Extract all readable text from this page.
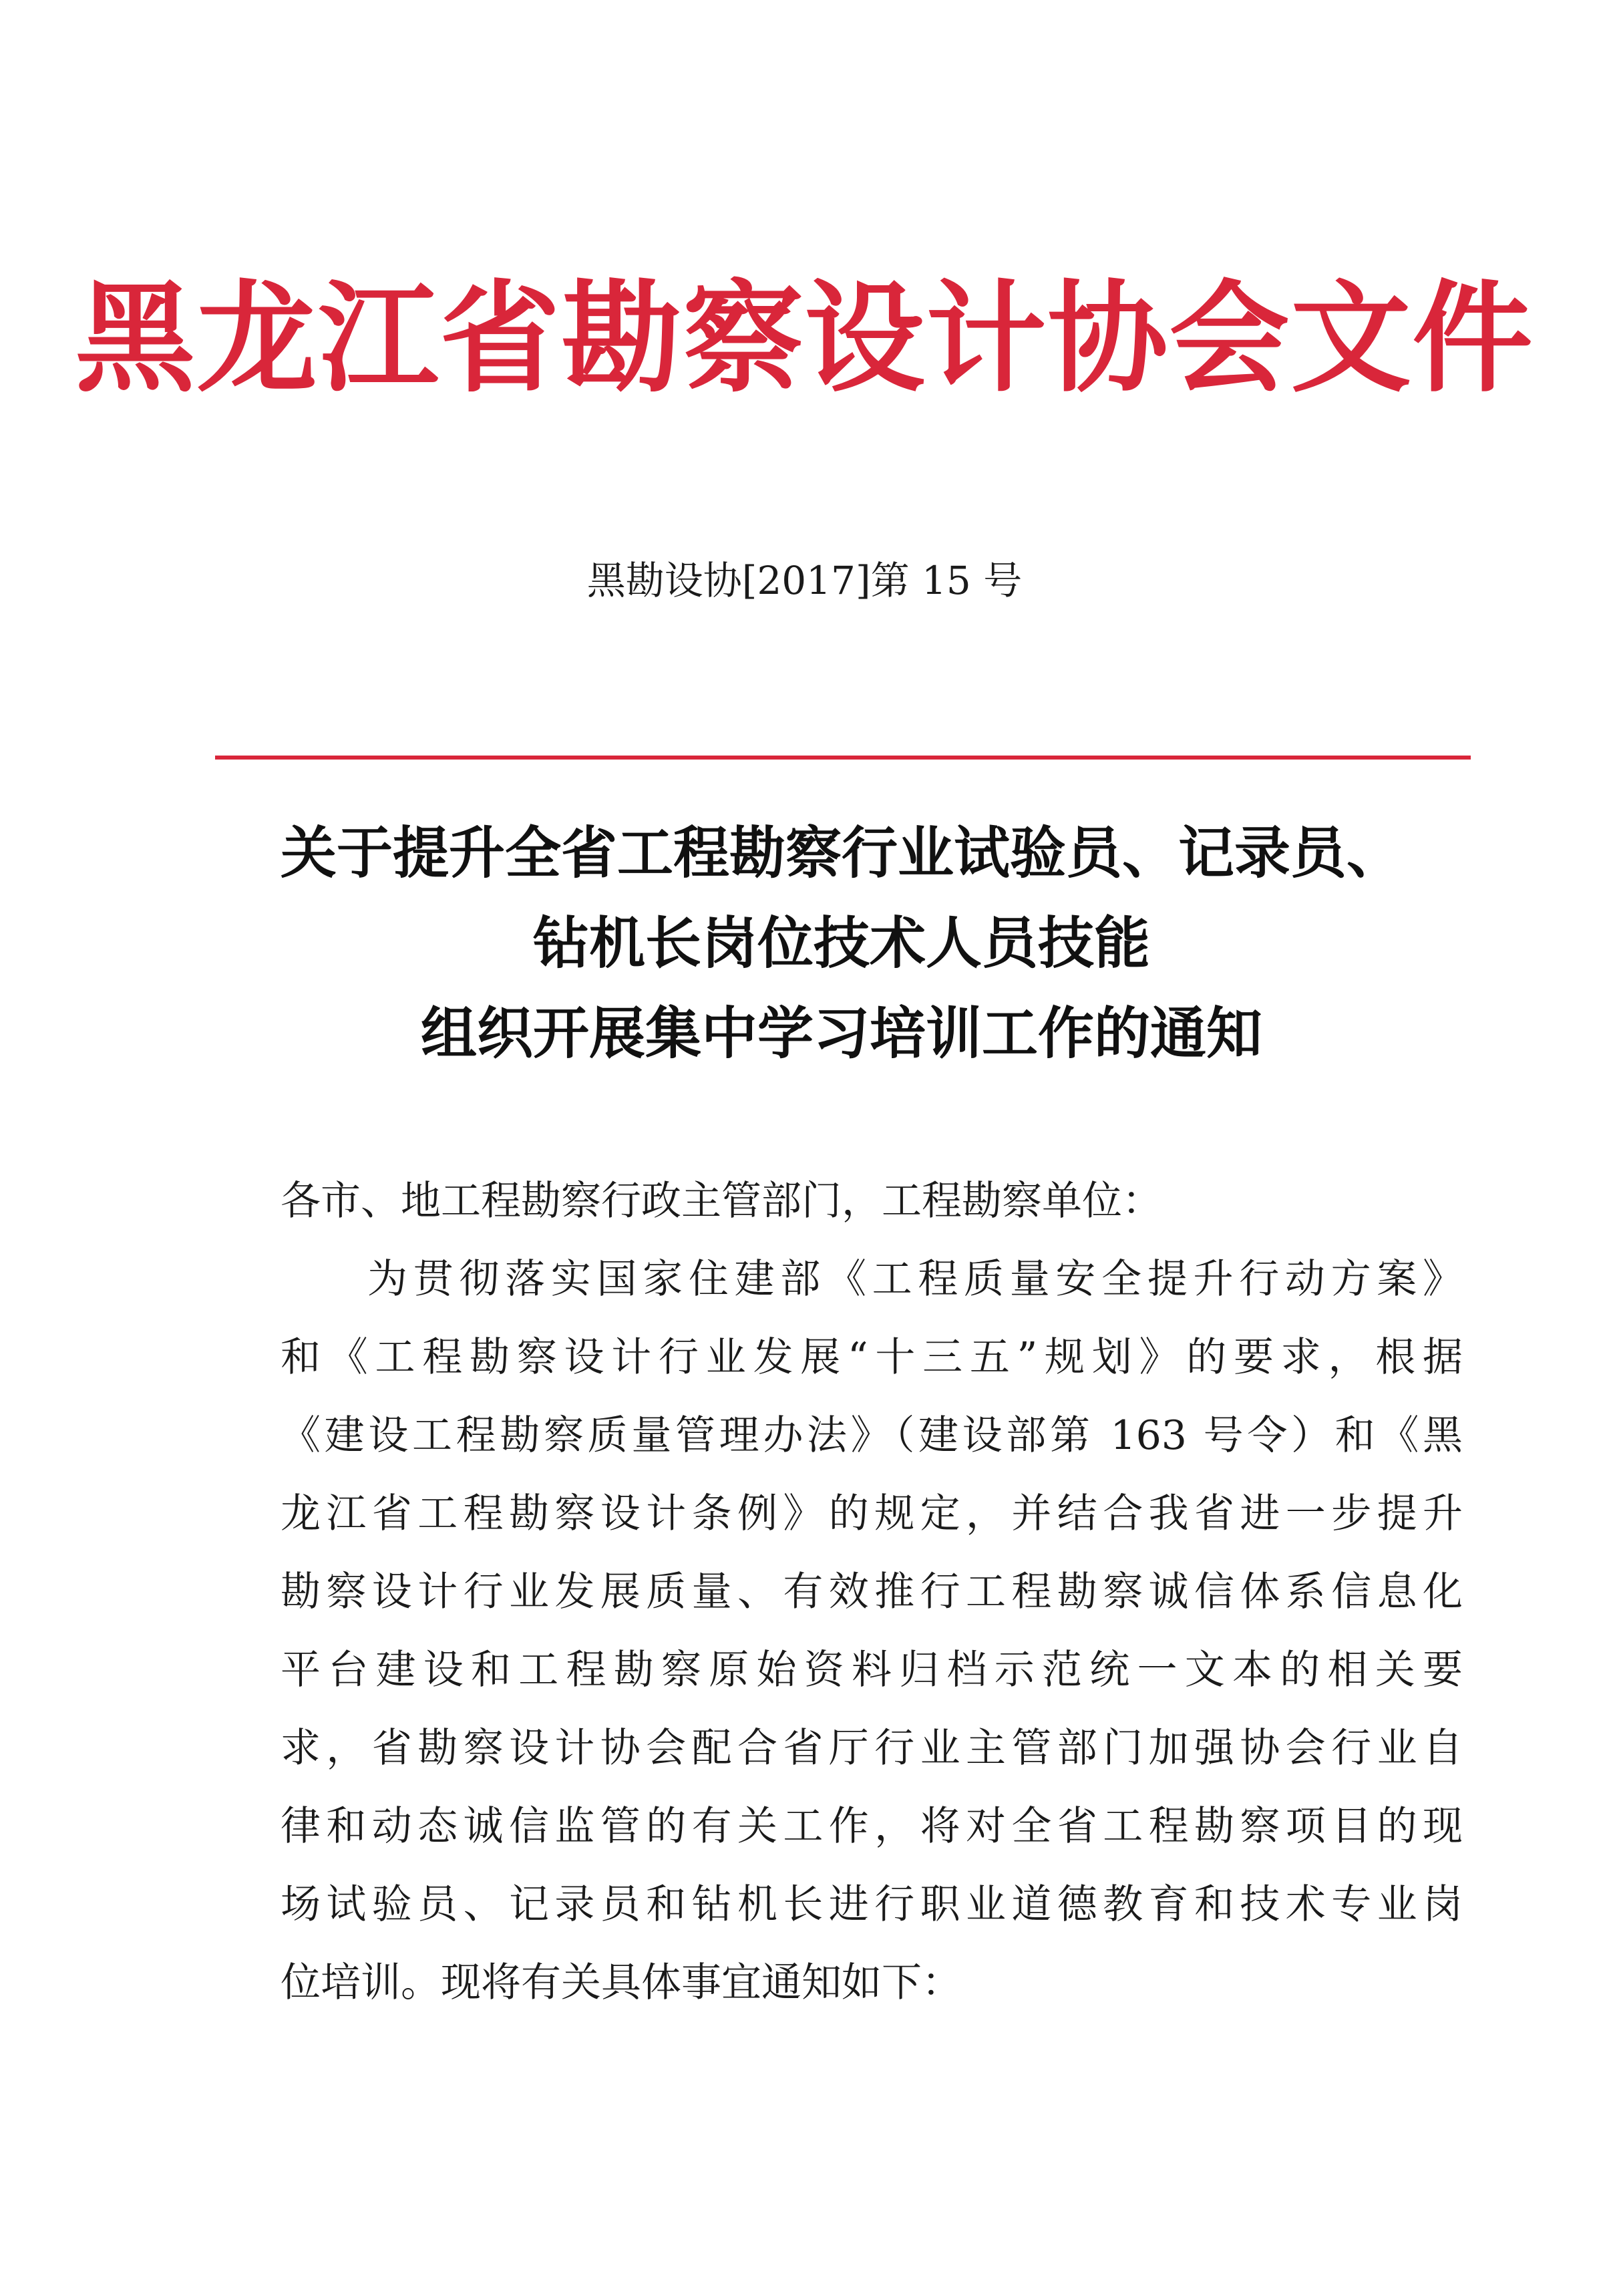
黑龙江省勘察设计协会文件
黑勘设协[2017]第 15 号
关于提升全省工程勘察行业试验员、记录员、
钻机长岗位技术人员技能
组织开展集中学习培训工作的通知
各市、地工程勘察行政主管部门，工程勘察单位：
为贯彻落实国家住建部《工程质量安全提升行动方案》
和《工程勘察设计行业发展“十三五”规划》的要求，根据
《建设工程勘察质量管理办法》（建设部第 163 号令）和《黑
龙江省工程勘察设计条例》的规定，并结合我省进一步提升
勘察设计行业发展质量、有效推行工程勘察诚信体系信息化
平台建设和工程勘察原始资料归档示范统一文本的相关要
求，省勘察设计协会配合省厅行业主管部门加强协会行业自
律和动态诚信监管的有关工作，将对全省工程勘察项目的现
场试验员、记录员和钻机长进行职业道德教育和技术专业岗
位培训。现将有关具体事宜通知如下：
